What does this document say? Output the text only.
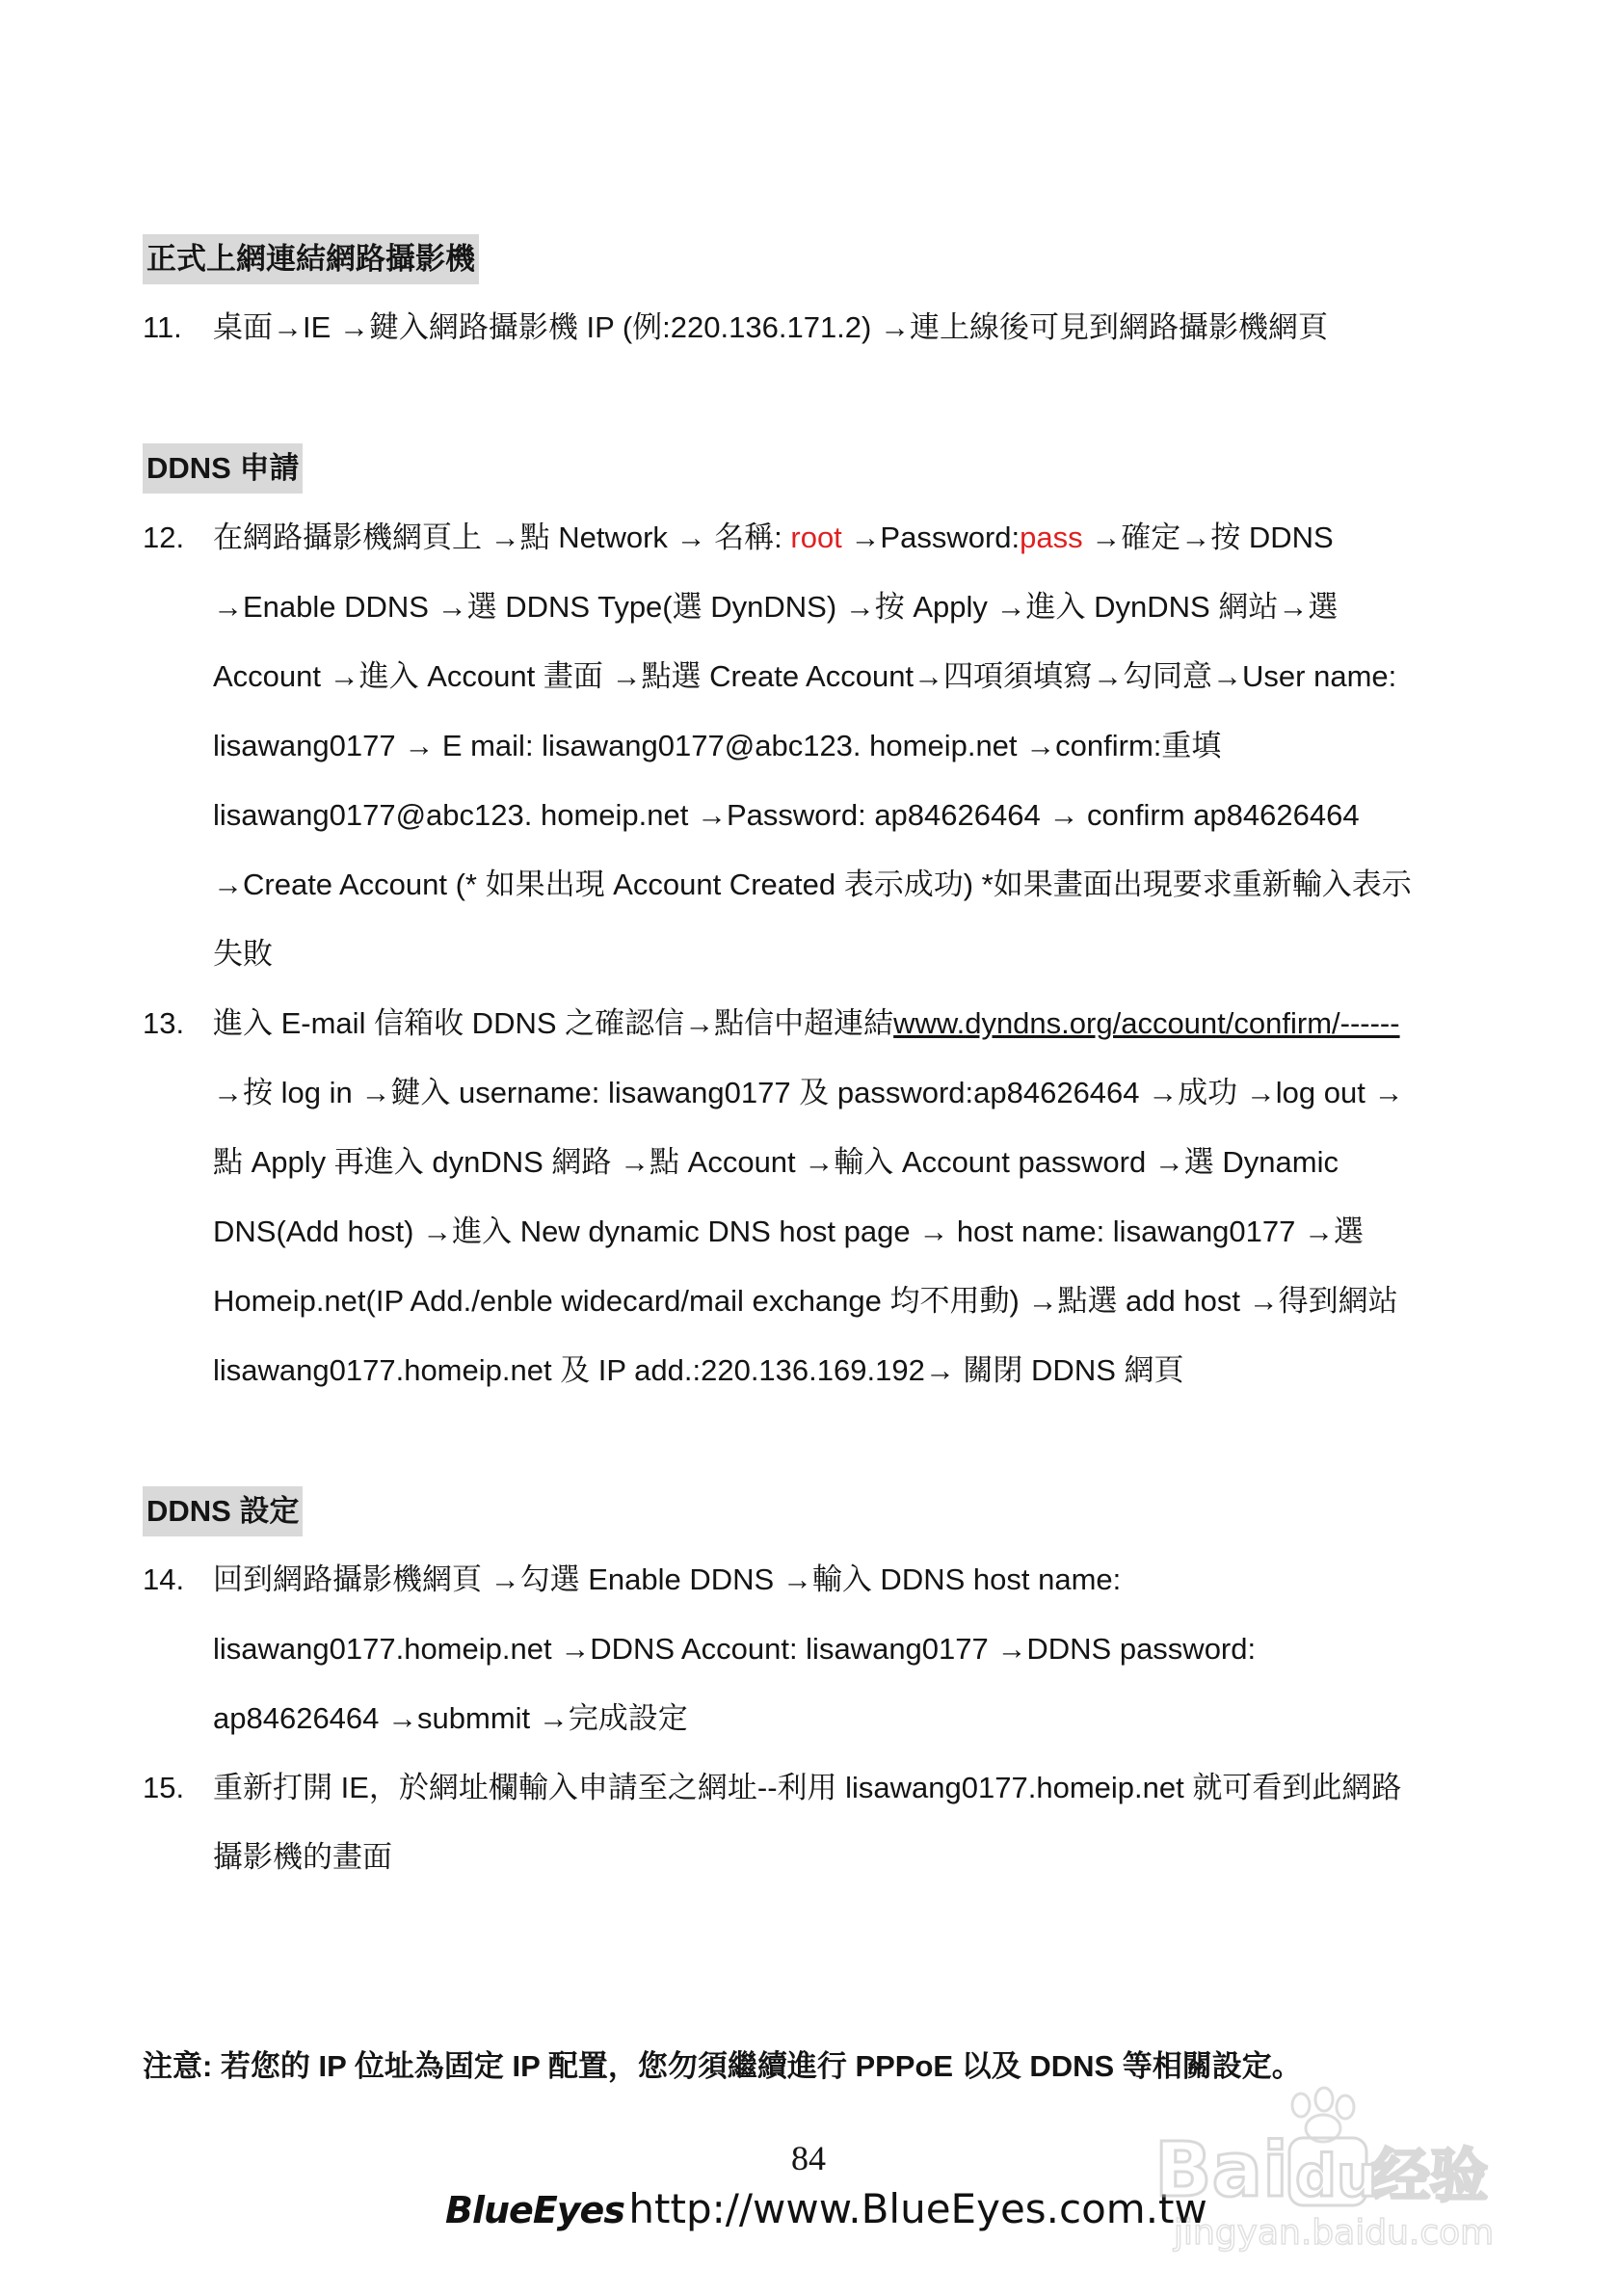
正式上網連結網路攝影機
11. 桌面→IE →鍵入網路攝影機 IP (例:220.136.171.2) →連上線後可見到網路攝影機網頁
DDNS 申請
12. 在網路攝影機網頁上 →點 Network → 名稱: root →Password:pass →確定→按 DDNS
→Enable DDNS →選 DDNS Type(選 DynDNS) →按 Apply →進入 DynDNS 網站→選
Account →進入 Account 畫面 →點選 Create Account→四項須填寫→勾同意→User name:
lisawang0177 → E mail: lisawang0177@abc123. homeip.net →confirm:重填
lisawang0177@abc123. homeip.net →Password: ap84626464 → confirm ap84626464
→Create Account (* 如果出現 Account Created 表示成功) *如果畫面出現要求重新輸入表示
失敗
13. 進入 E-mail 信箱收 DDNS 之確認信→點信中超連結www.dyndns.org/account/confirm/------
→按 log in →鍵入 username: lisawang0177 及 password:ap84626464 →成功 →log out →
點 Apply 再進入 dynDNS 網路 →點 Account →輸入 Account password →選 Dynamic
DNS(Add host) →進入 New dynamic DNS host page → host name: lisawang0177 →選
Homeip.net(IP Add./enble widecard/mail exchange 均不用動) →點選 add host →得到網站
lisawang0177.homeip.net 及 IP add.:220.136.169.192→ 關閉 DDNS 網頁
DDNS 設定
14. 回到網路攝影機網頁 →勾選 Enable DDNS →輸入 DDNS host name:
lisawang0177.homeip.net →DDNS Account: lisawang0177 →DDNS password:
ap84626464 →submmit →完成設定
15. 重新打開 IE，於網址欄輸入申請至之網址--利用 lisawang0177.homeip.net 就可看到此網路
攝影機的畫面
注意: 若您的 IP 位址為固定 IP 配置，您勿須繼續進行 PPPoE 以及 DDNS 等相關設定。
84
BlueEyes http://www.BlueEyes.com.tw
Bai du
经验
jingyan.baidu.com
